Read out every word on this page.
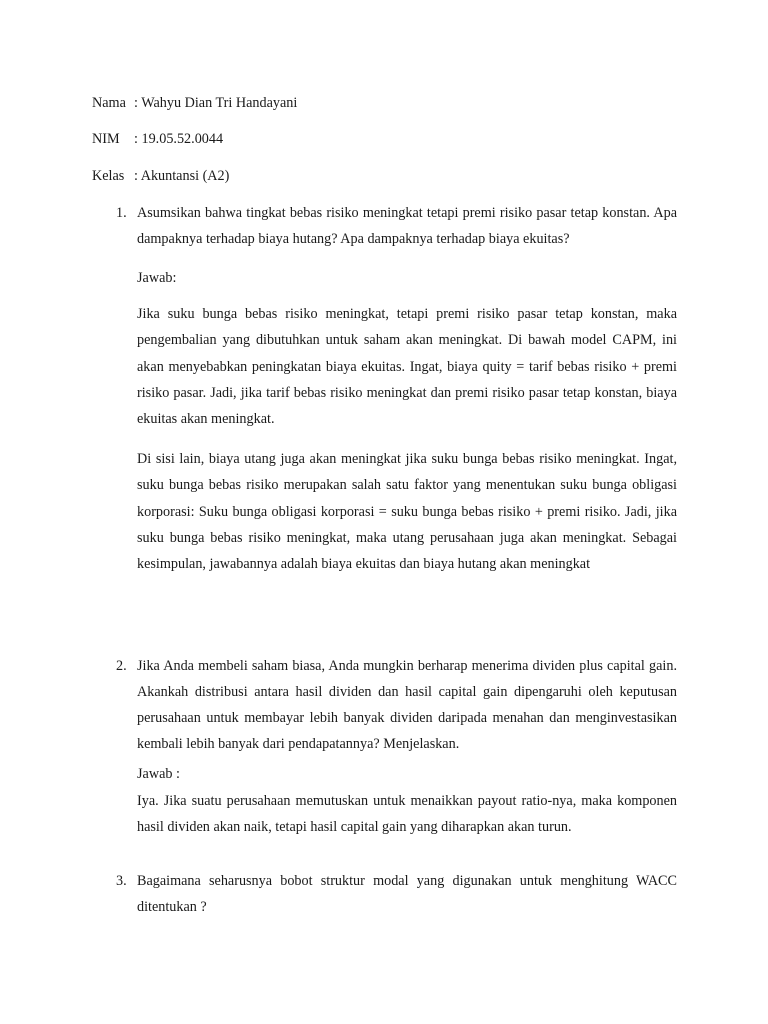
Nama : Wahyu Dian Tri Handayani
NIM	: 19.05.52.0044
Kelas : Akuntansi (A2)
1. Asumsikan bahwa tingkat bebas risiko meningkat tetapi premi risiko pasar tetap konstan. Apa dampaknya terhadap biaya hutang? Apa dampaknya terhadap biaya ekuitas?
Jawab:
Jika suku bunga bebas risiko meningkat, tetapi premi risiko pasar tetap konstan, maka pengembalian yang dibutuhkan untuk saham akan meningkat. Di bawah model CAPM, ini akan menyebabkan peningkatan biaya ekuitas. Ingat, biaya quity = tarif bebas risiko + premi risiko pasar. Jadi, jika tarif bebas risiko meningkat dan premi risiko pasar tetap konstan, biaya ekuitas akan meningkat.
Di sisi lain, biaya utang juga akan meningkat jika suku bunga bebas risiko meningkat. Ingat, suku bunga bebas risiko merupakan salah satu faktor yang menentukan suku bunga obligasi korporasi: Suku bunga obligasi korporasi = suku bunga bebas risiko + premi risiko. Jadi, jika suku bunga bebas risiko meningkat, maka utang perusahaan juga akan meningkat. Sebagai kesimpulan, jawabannya adalah biaya ekuitas dan biaya hutang akan meningkat
2. Jika Anda membeli saham biasa, Anda mungkin berharap menerima dividen plus capital gain. Akankah distribusi antara hasil dividen dan hasil capital gain dipengaruhi oleh keputusan perusahaan untuk membayar lebih banyak dividen daripada menahan dan menginvestasikan kembali lebih banyak dari pendapatannya? Menjelaskan.
Jawab :
Iya. Jika suatu perusahaan memutuskan untuk menaikkan payout ratio-nya, maka komponen hasil dividen akan naik, tetapi hasil capital gain yang diharapkan akan turun.
3. Bagaimana seharusnya bobot struktur modal yang digunakan untuk menghitung WACC ditentukan ?
